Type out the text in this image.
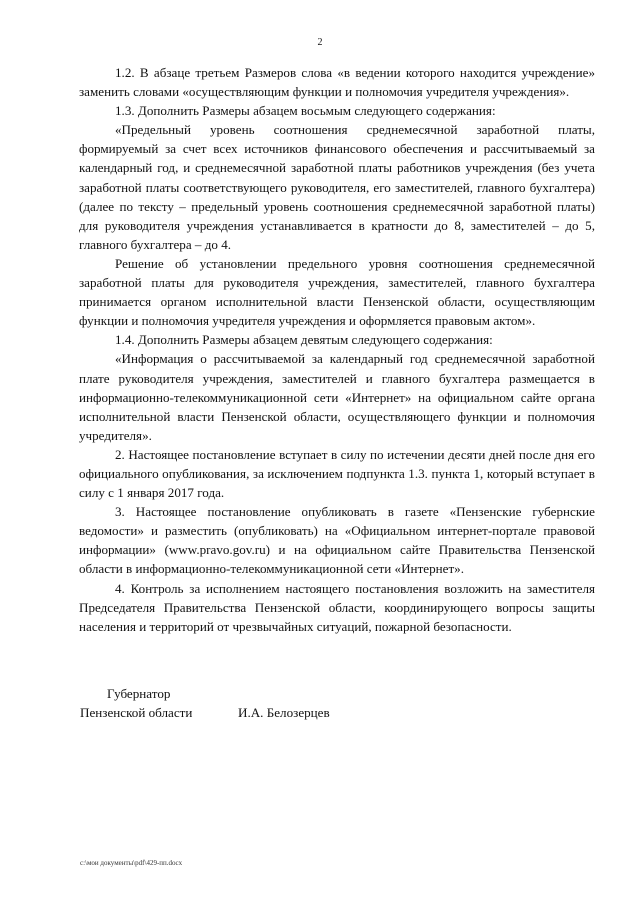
2

1.2. В абзаце третьем Размеров слова «в ведении которого находится учреждение» заменить словами «осуществляющим функции и полномочия учредителя учреждения».

1.3. Дополнить Размеры абзацем восьмым следующего содержания:

«Предельный уровень соотношения среднемесячной заработной платы, формируемый за счет всех источников финансового обеспечения и рассчитываемый за календарный год, и среднемесячной заработной платы работников учреждения (без учета заработной платы соответствующего руководителя, его заместителей, главного бухгалтера) (далее по тексту – предельный уровень соотношения среднемесячной заработной платы) для руководителя учреждения устанавливается в кратности до 8, заместителей – до 5, главного бухгалтера – до 4.

Решение об установлении предельного уровня соотношения среднемесячной заработной платы для руководителя учреждения, заместителей, главного бухгалтера принимается органом исполнительной власти Пензенской области, осуществляющим функции и полномочия учредителя учреждения и оформляется правовым актом».

1.4. Дополнить Размеры абзацем девятым следующего содержания:

«Информация о рассчитываемой за календарный год среднемесячной заработной плате руководителя учреждения, заместителей и главного бухгалтера размещается в информационно-телекоммуникационной сети «Интернет» на официальном сайте органа исполнительной власти Пензенской области, осуществляющего функции и полномочия учредителя».

2. Настоящее постановление вступает в силу по истечении десяти дней после дня его официального опубликования, за исключением подпункта 1.3. пункта 1, который вступает в силу с 1 января 2017 года.

3. Настоящее постановление опубликовать в газете «Пензенские губернские ведомости» и разместить (опубликовать) на «Официальном интернет-портале правовой информации» (www.pravo.gov.ru) и на официальном сайте Правительства Пензенской области в информационно-телекоммуникационной сети «Интернет».

4. Контроль за исполнением настоящего постановления возложить на заместителя Председателя Правительства Пензенской области, координирующего вопросы защиты населения и территорий от чрезвычайных ситуаций, пожарной безопасности.

Губернатор
Пензенской области	И.А. Белозерцев
c:\мои документы\pdf\429-пп.docx
